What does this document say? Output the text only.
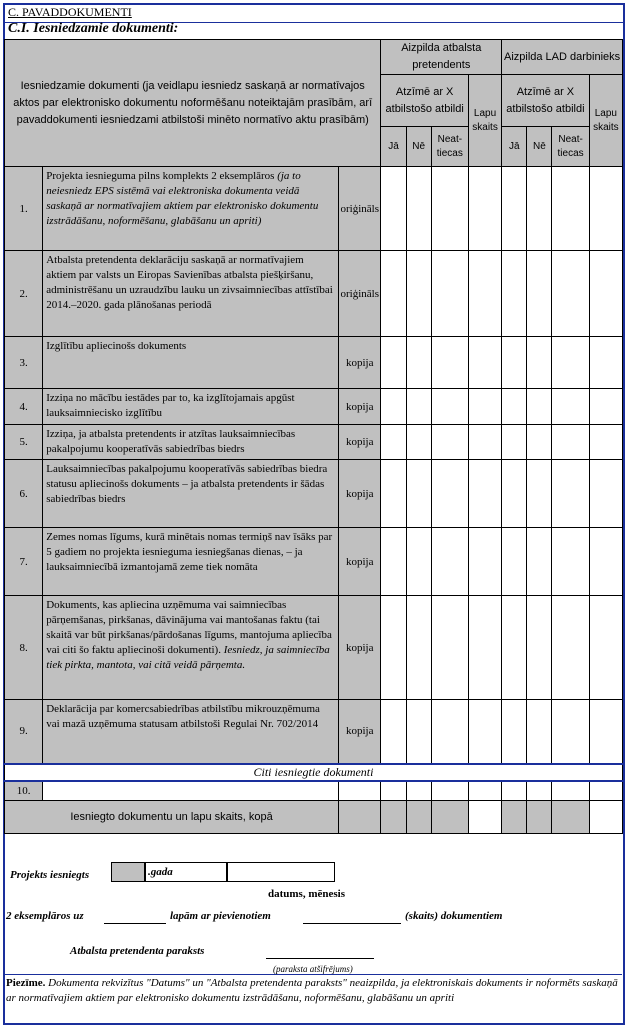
C. PAVADDOKUMENTI
C.I. Iesniedzamie dokumenti:
Iesniedzamie dokumenti (ja veidlapu iesniedz saskaņā ar normatīvajos aktos par elektronisko dokumentu noformēšanu noteiktajām prasībām, arī pavaddokumenti iesniedzami atbilstoši minēto normatīvo aktu prasībām)			Aizpilda atbalsta pretendents				Aizpilda LAD darbinieks			
			Atzīmē ar X atbilstošo atbildi			Lapu skaits	Atzīmē ar X atbilstošo atbildi			Lapu skaits
			Jā	Nē	Neat-tiecas		Jā	Nē	Neat-tiecas	
1.	Projekta iesnieguma pilns komplekts 2 eksemplāros (ja to neiesniedz EPS sistēmā vai elektroniska dokumenta veidā saskaņā ar normatīvajiem aktiem par elektronisko dokumentu izstrādāšanu, noformēšanu, glabāšanu un apriti)	oriģināls								
2.	Atbalsta pretendenta deklarāciju saskaņā ar normatīvajiem aktiem par valsts un Eiropas Savienības atbalsta piešķiršanu, administrēšanu un uzraudzību lauku un zivsaimniecības attīstībai 2014.–2020. gada plānošanas periodā	oriģināls								
3.	Izglītību apliecinošs dokuments	kopija								
4.	Izziņa no mācību iestādes par to, ka izglītojamais apgūst lauksaimniecisko izglītību	kopija								
5.	Izziņa, ja atbalsta pretendents ir atzītas lauksaimniecības pakalpojumu kooperatīvās sabiedrības biedrs	kopija								
6.	Lauksaimniecības pakalpojumu kooperatīvās sabiedrības biedra statusu apliecinošs dokuments – ja atbalsta pretendents ir šādas sabiedrības biedrs	kopija								
7.	Zemes nomas līgums, kurā minētais nomas termiņš nav īsāks par 5 gadiem no projekta iesnieguma iesniegšanas dienas, – ja lauksaimniecībā izmantojamā zeme tiek nomāta	kopija								
8.	Dokuments, kas apliecina uzņēmuma vai saimniecības pārņemšanas, pirkšanas, dāvinājuma vai mantošanas faktu (tai skaitā var būt pirkšanas/pārdošanas līgums, mantojuma apliecība vai citi šo faktu apliecinoši dokumenti). Iesniedz, ja saimniecība tiek pirkta, mantota, vai citā veidā pārņemta.	kopija								
9.	Deklarācija par komercsabiedrības atbilstību mikrouzņēmuma vai mazā uzņēmuma statusam atbilstoši Regulai Nr. 702/2014	kopija								
Citi iesniegtie dokumenti										
10.										
Iesniegto dokumentu un lapu skaits, kopā										
Projekts iesniegts	.gada
datums, mēnesis
2 eksemplāros uz	lapām ar pievienotiem	(skaits) dokumentiem
Atbalsta pretendenta paraksts
(paraksta atšifrējums)
Piezīme. Dokumenta rekvizītus "Datums" un "Atbalsta pretendenta paraksts" neaizpilda, ja elektroniskais dokuments ir noformēts saskaņā ar normatīvajiem aktiem par elektronisko dokumentu izstrādāšanu, noformēšanu, glabāšanu un apriti
